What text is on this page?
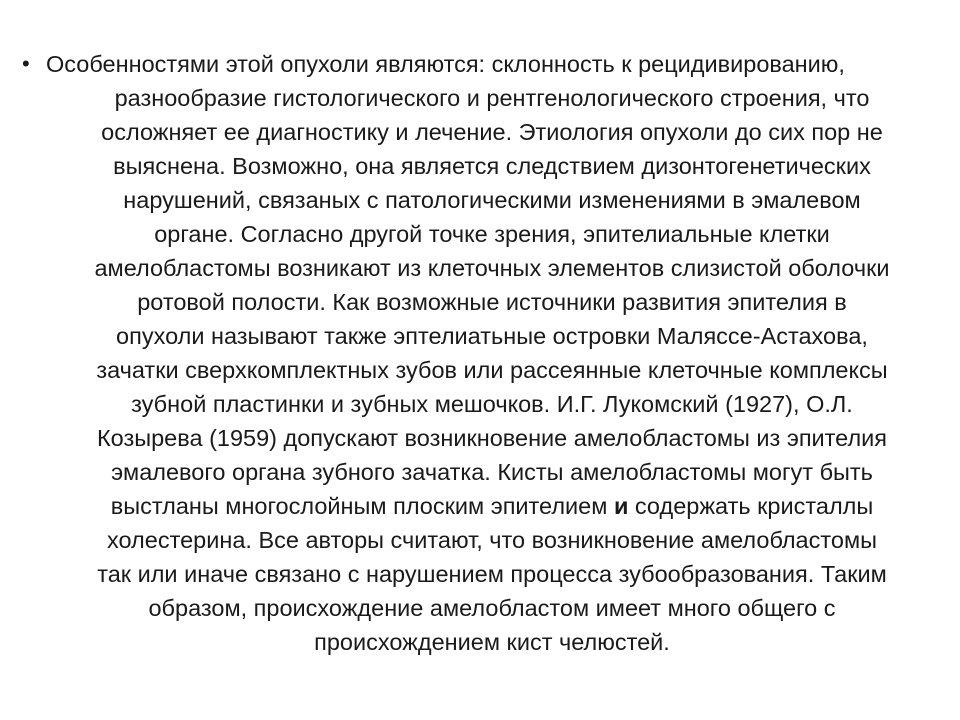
• Особенностями этой опухоли являются: склонность к рецидивированию,
разнообразие гистологического и рентгенологического строения, что
осложняет ее диагностику и лечение. Этиология опухоли до сих пор не
выяснена. Возможно, она является следствием дизонтогенетических
нарушений, связаных с патологическими изменениями в эмалевом
органе. Согласно другой точке зрения, эпителиальные клетки
амелобластомы возникают из клеточных элементов слизистой оболочки
ротовой полости. Как возможные источники развития эпителия в
опухоли называют также эптелиатьные островки Маляссе-Астахова,
зачатки сверхкомплектных зубов или рассеянные клеточные комплексы
зубной пластинки и зубных мешочков. И.Г. Лукомский (1927), О.Л.
Козырева (1959) допускают возникновение амелобластомы из эпителия
эмалевого органа зубного зачатка. Кисты амелобластомы могут быть
выстланы многослойным плоским эпителием и содержать кристаллы
холестерина. Все авторы считают, что возникновение амелобластомы
так или иначе связано с нарушением процесса зубообразования. Таким
образом, происхождение амелобластом имеет много общего с
происхождением кист челюстей.
